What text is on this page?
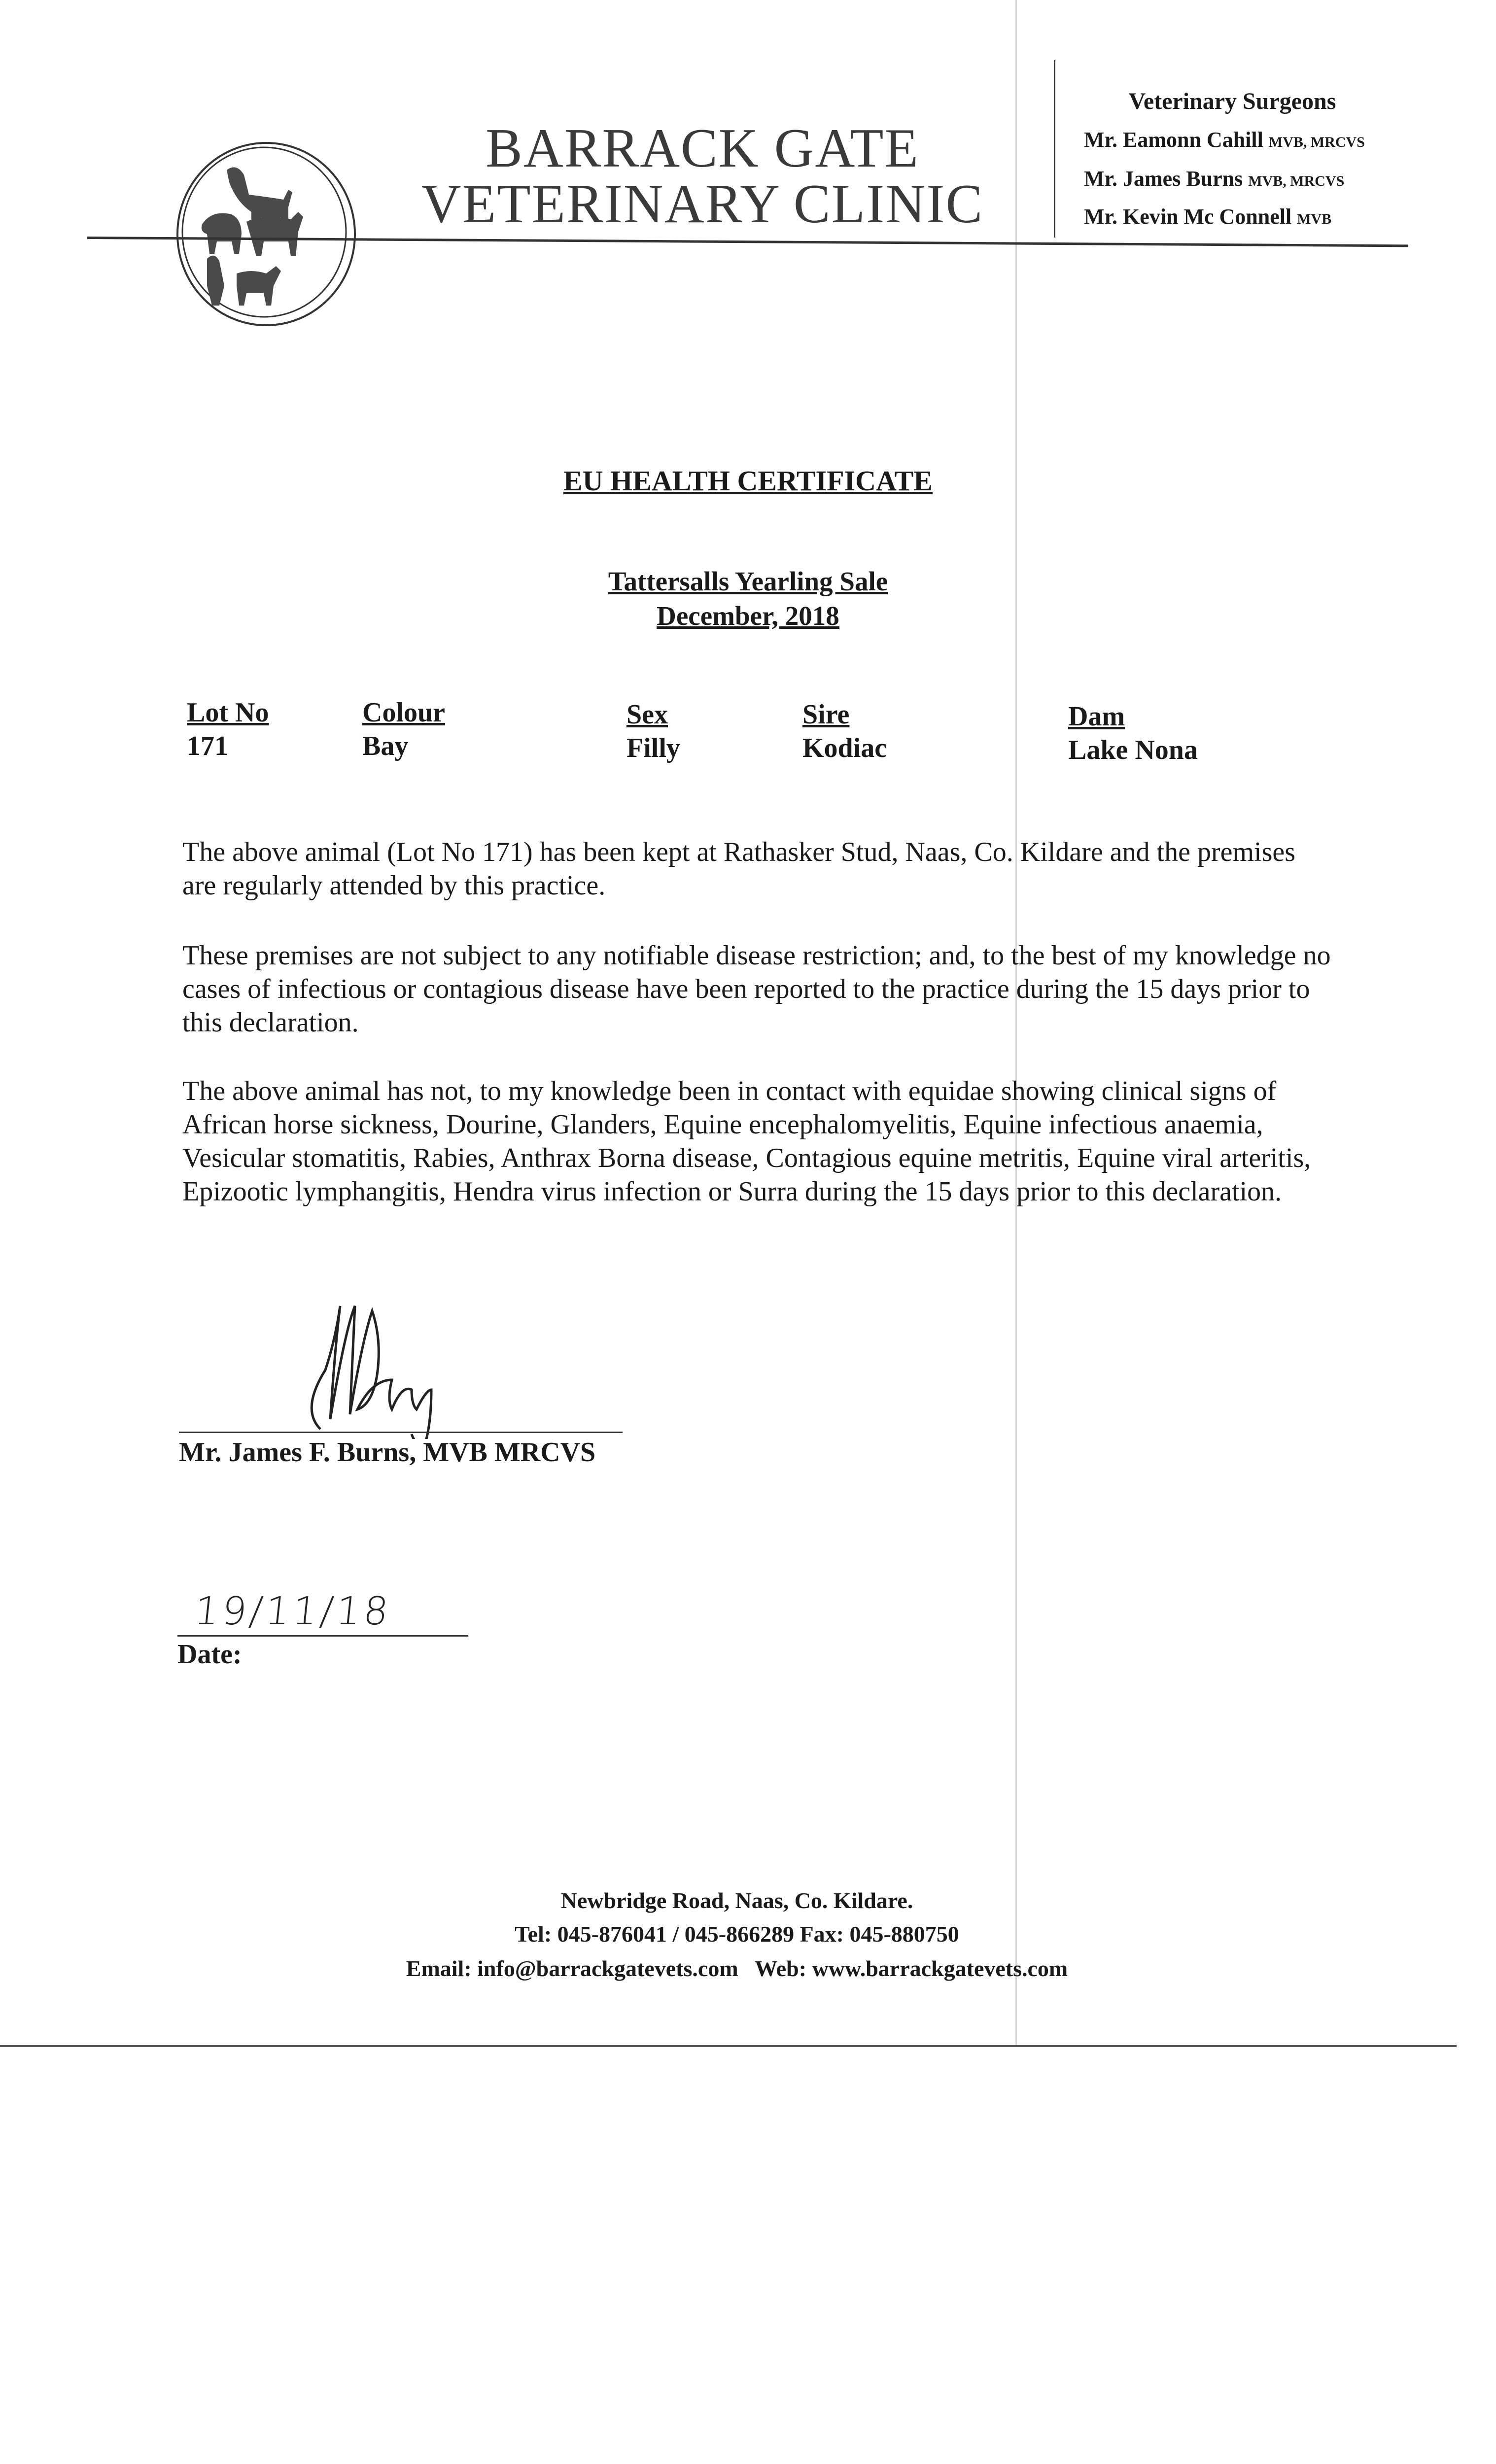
BARRACK GATE
VETERINARY CLINIC
Veterinary Surgeons
Mr. Eamonn Cahill MVB, MRCVS
Mr. James Burns MVB, MRCVS
Mr. Kevin Mc Connell MVB
EU HEALTH CERTIFICATE
Tattersalls Yearling Sale
December, 2018
Lot No
171
Colour
Bay
Sex
Filly
Sire
Kodiac
Dam
Lake Nona
The above animal (Lot No 171) has been kept at Rathasker Stud, Naas, Co. Kildare and the premises are regularly attended by this practice.
These premises are not subject to any notifiable disease restriction; and, to the best of my knowledge no cases of infectious or contagious disease have been reported to the practice during the 15 days prior to this declaration.
The above animal has not, to my knowledge been in contact with equidae showing clinical signs of African horse sickness, Dourine, Glanders, Equine encephalomyelitis, Equine infectious anaemia, Vesicular stomatitis, Rabies, Anthrax Borna disease, Contagious equine metritis, Equine viral arteritis, Epizootic lymphangitis, Hendra virus infection or Surra during the 15 days prior to this declaration.
Mr. James F. Burns, MVB MRCVS
19/11/18
Date:
Newbridge Road, Naas, Co. Kildare.
Tel: 045-876041 / 045-866289 Fax: 045-880750
Email: info@barrackgatevets.com   Web: www.barrackgatevets.com
